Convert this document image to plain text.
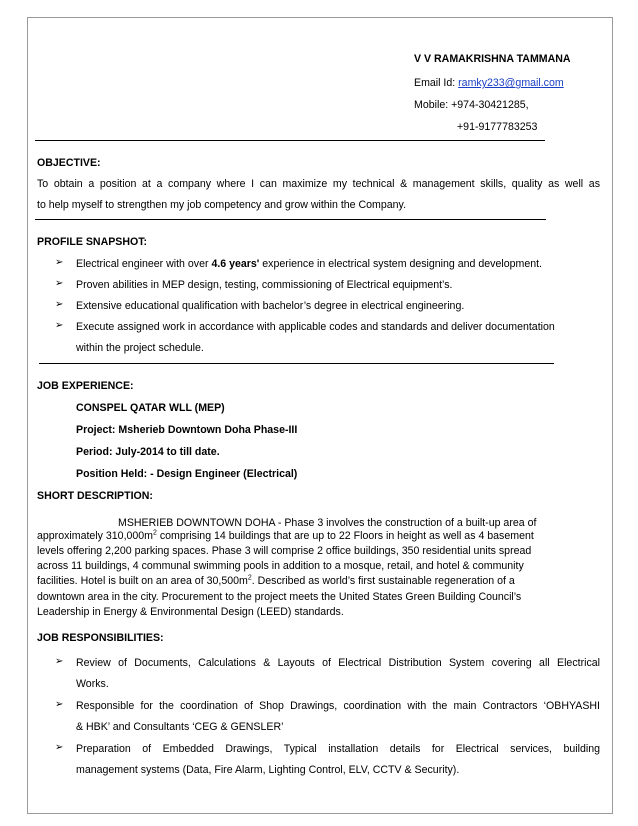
V V RAMAKRISHNA TAMMANA
Email Id: ramky233@gmail.com
Mobile: +974-30421285,
+91-9177783253
OBJECTIVE:
To obtain a position at a company where I can maximize my technical & management skills, quality as well as
to help myself to strengthen my job competency and grow within the Company.
PROFILE SNAPSHOT:
➢ Electrical engineer with over 4.6 years' experience in electrical system designing and development.
➢ Proven abilities in MEP design, testing, commissioning of Electrical equipment’s.
➢ Extensive educational qualification with bachelor’s degree in electrical engineering.
➢ Execute assigned work in accordance with applicable codes and standards and deliver documentation
within the project schedule.
JOB EXPERIENCE:
CONSPEL QATAR WLL (MEP)
Project: Msherieb Downtown Doha Phase-III
Period: July-2014 to till date.
Position Held: - Design Engineer (Electrical)
SHORT DESCRIPTION:
MSHERIEB DOWNTOWN DOHA - Phase 3 involves the construction of a built-up area of
approximately $310,000m^2$ comprising 14 buildings that are up to 22 Floors in height as well as 4 basement
levels offering 2,200 parking spaces. Phase 3 will comprise 2 office buildings, 350 residential units spread
across 11 buildings, 4 communal swimming pools in addition to a mosque, retail, and hotel & community
facilities. Hotel is built on an area of $30,500m^2$. Described as world’s first sustainable regeneration of a
downtown area in the city. Procurement to the project meets the United States Green Building Council’s
Leadership in Energy & Environmental Design (LEED) standards.
JOB RESPONSIBILITIES:
➢ Review of Documents, Calculations & Layouts of Electrical Distribution System covering all Electrical
Works.
➢ Responsible for the coordination of Shop Drawings, coordination with the main Contractors ‘OBHYASHI
& HBK’ and Consultants ‘CEG & GENSLER’
➢ Preparation of Embedded Drawings, Typical installation details for Electrical services, building
management systems (Data, Fire Alarm, Lighting Control, ELV, CCTV & Security).
